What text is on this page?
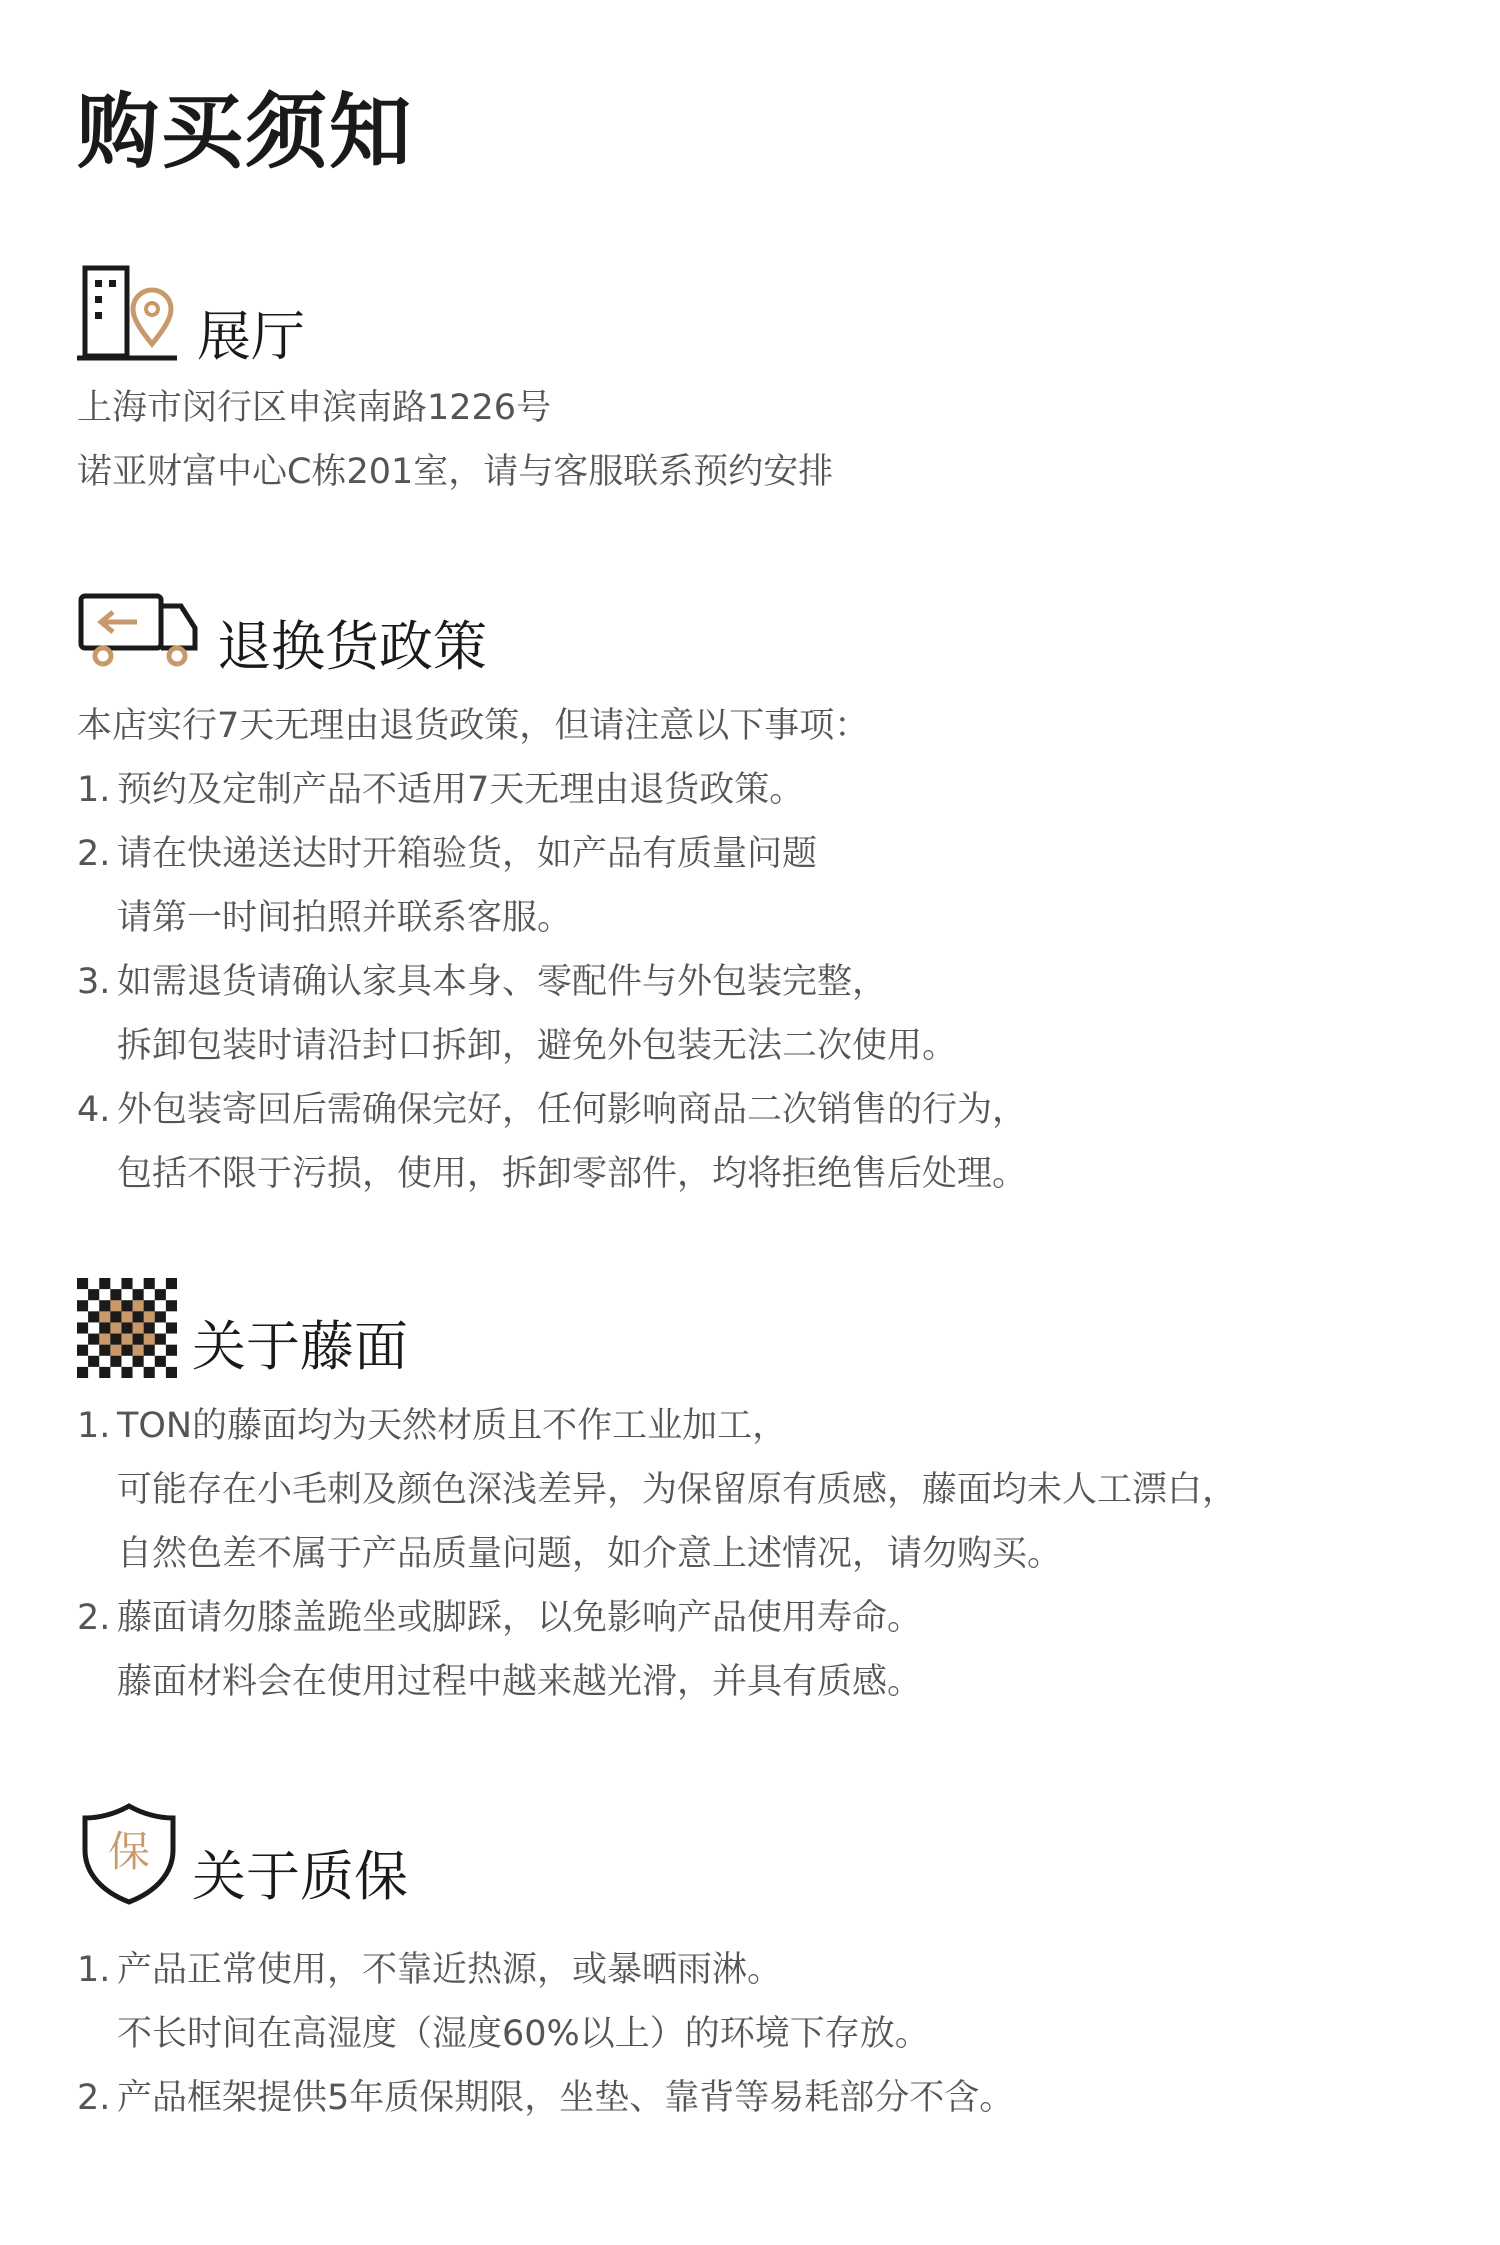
购买须知
展厅
上海市闵行区申滨南路1226号
诺亚财富中心C栋201室，请与客服联系预约安排
退换货政策
本店实行7天无理由退货政策，但请注意以下事项：
1. 预约及定制产品不适用7天无理由退货政策。
2. 请在快递送达时开箱验货，如产品有质量问题
请第一时间拍照并联系客服。
3. 如需退货请确认家具本身、零配件与外包装完整，
拆卸包装时请沿封口拆卸，避免外包装无法二次使用。
4. 外包装寄回后需确保完好，任何影响商品二次销售的行为，
包括不限于污损，使用，拆卸零部件，均将拒绝售后处理。
关于藤面
1. TON的藤面均为天然材质且不作工业加工，
可能存在小毛刺及颜色深浅差异，为保留原有质感，藤面均未人工漂白，
自然色差不属于产品质量问题，如介意上述情况，请勿购买。
2. 藤面请勿膝盖跪坐或脚踩，以免影响产品使用寿命。
藤面材料会在使用过程中越来越光滑，并具有质感。
保 关于质保
1. 产品正常使用，不靠近热源，或暴晒雨淋。
不长时间在高湿度（湿度60%以上）的环境下存放。
2. 产品框架提供5年质保期限，坐垫、靠背等易耗部分不含。
